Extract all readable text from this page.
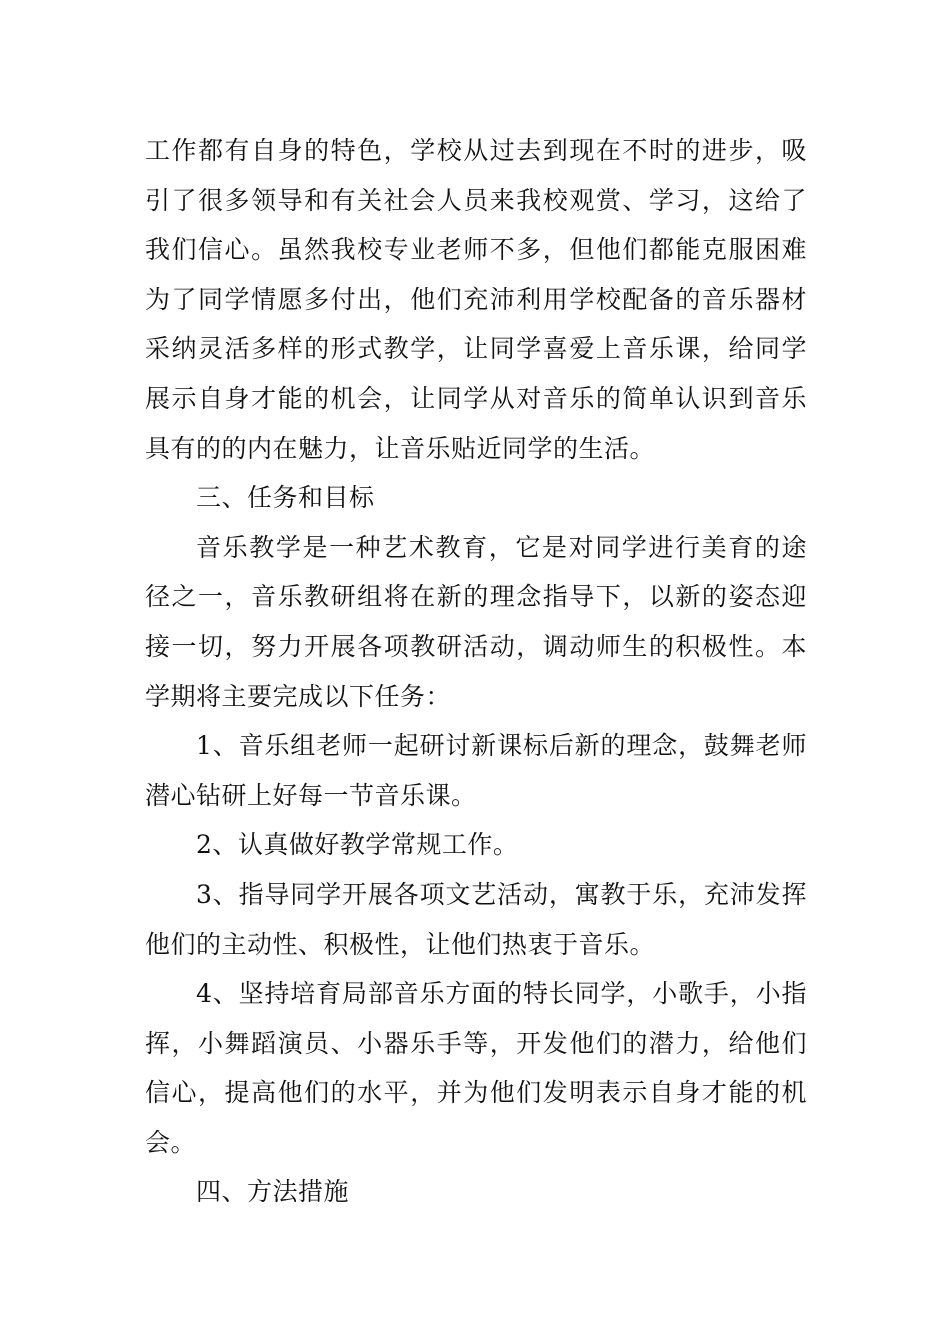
工作都有自身的特色，学校从过去到现在不时的进步，吸引了很多领导和有关社会人员来我校观赏、学习，这给了我们信心。虽然我校专业老师不多，但他们都能克服困难为了同学情愿多付出，他们充沛利用学校配备的音乐器材采纳灵活多样的形式教学，让同学喜爱上音乐课，给同学展示自身才能的机会，让同学从对音乐的简单认识到音乐具有的的内在魅力，让音乐贴近同学的生活。

三、任务和目标

音乐教学是一种艺术教育，它是对同学进行美育的途径之一，音乐教研组将在新的理念指导下，以新的姿态迎接一切，努力开展各项教研活动，调动师生的积极性。本学期将主要完成以下任务：

1、音乐组老师一起研讨新课标后新的理念，鼓舞老师潜心钻研上好每一节音乐课。

2、认真做好教学常规工作。

3、指导同学开展各项文艺活动，寓教于乐，充沛发挥他们的主动性、积极性，让他们热衷于音乐。

4、坚持培育局部音乐方面的特长同学，小歌手，小指挥，小舞蹈演员、小器乐手等，开发他们的潜力，给他们信心，提高他们的水平，并为他们发明表示自身才能的机会。

四、方法措施
